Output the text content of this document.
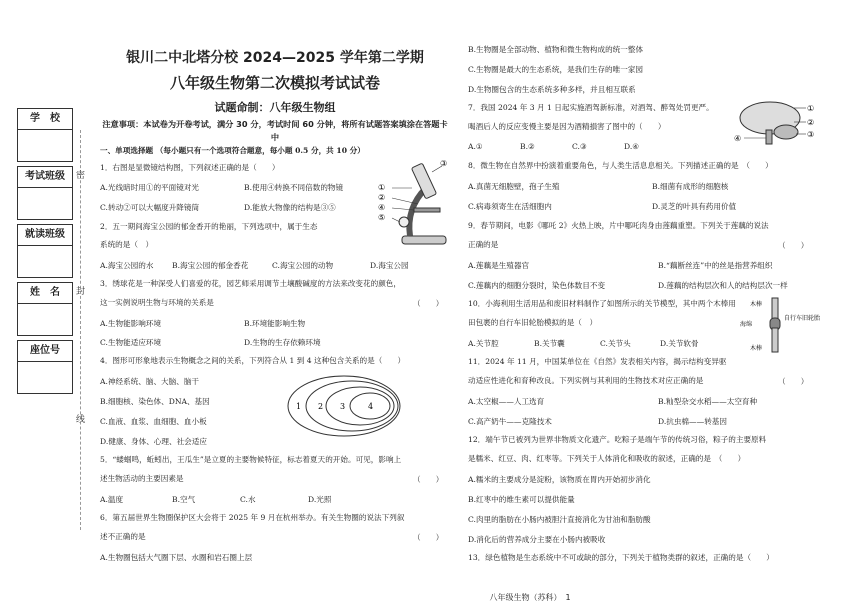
学　校
考试班级
就读班级
姓　名
座位号
密
封
线
银川二中北塔分校 2024—2025 学年第二学期
八年级生物第二次模拟考试试卷
试题命制：八年级生物组
注意事项：本试卷为开卷考试，满分 30 分，考试时间 60 分钟，将所有试题答案填涂在答题卡中
一、单项选择题 （每小题只有一个选项符合题意，每小题 0.5 分，共 10 分）
1．右图是显微镜结构图，下列叙述正确的是（　　）
A.光线暗时用①的平面镜对光	B.使用④转换不同倍数的物镜
C.转动②可以大幅度升降镜筒	D.能放大物像的结构是③⑤
③
①
②
④
⑤
2．五一期间海宝公园的郁金香开的艳丽，下列选项中，属于生态
系统的是（　）
A.海宝公园的水 B.海宝公园的郁金香花	C.海宝公园的动物	D.海宝公园
3．绣球花是一种深受人们喜爱的花，园艺师采用调节土壤酸碱度的方法来改变花的颜色，
这一实例说明生物与环境的关系是	（　　）
A.生物能影响环境	B.环境能影响生物
C.生物能适应环境	D.生物的生存依赖环境
4．图形可形象地表示生物概念之间的关系，下列符合从 1 到 4 这种包含关系的是（　　）
A.神经系统、脑、大脑、脑干
B.细胞核、染色体、DNA、基因
C.血液、血浆、血细胞、血小板
D.健康、身体、心理、社会适应
1 2 3	4
5．“蝼蝈鸣，蚯蚓出，王瓜生”是立夏的主要物候特征，标志着夏天的开始。可见，影响上
述生物活动的主要因素是	（　　）
A.温度	B.空气	C.水	D.光照
6．第五届世界生物圈保护区大会将于 2025 年 9 月在杭州举办。有关生物圈的说法下列叙
述不正确的是	（　　）
A.生物圈包括大气圈下层、水圈和岩石圈上层
B.生物圈是全部动物、植物和微生物构成的统一整体
C.生物圈是最大的生态系统，是我们生存的唯一家园
D.生物圈包含的生态系统多种多样，并且相互联系
7．我国 2024 年 3 月 1 日起实施酒驾新标准，对酒驾、醉驾处罚更严。
喝酒后人的反应变慢主要是因为酒精損害了图中的（　　）
A.①	B.②	C.③	D.④
①
②
③
④
8．微生物在自然界中扮演着重要角色，与人类生活息息相关。下列描述正确的是　（　　）
A.真菌无细胞壁，孢子生殖	B.细菌有成形的细胞核
C.病毒须寄生在活细胞内	D.灵芝的叶具有药用价值
9．春节期间，电影《哪吒 2》火热上映，片中哪吒肉身由莲藕重塑。下列关于莲藕的说法
正确的是	（　　）
A.莲藕是生殖器官	B.“藕断丝连”中的丝是指营养组织
C.莲藕内的细胞分裂时，染色体数目不变	D.莲藕的结构层次和人的结构层次一样
10．小海利用生活用品和废旧材料制作了如图所示的关节模型，其中两个木棒用
田包裹的自行车旧轮胎模拟的是（　）
A.关节腔	B.关节囊	C.关节头	D.关节软骨
木棒
海绵
自行车旧轮胎
木棒
11．2024 年 11 月，中国某单位在《自然》发表相关内容，揭示结构变异驱
动适应性进化和育种改良。下列实例与其利用的生物技术对应正确的是	（　　）
A.太空椒——人工选育	B.籼型杂交水稻——太空育种
C.高产奶牛——克隆技术	D.抗虫棉——转基因
12．端午节已被列为世界非物质文化遗产。吃粽子是端午节的传统习俗，粽子的主要原料
是糯米、红豆、肉、红枣等。下列关于人体消化和吸收的叙述，正确的是　（　　）
A.糯米的主要成分是淀粉，该物质在胃内开始初步消化
B.红枣中的维生素可以提供能量
C.肉里的脂肪在小肠内被胆汁直接消化为甘油和脂肪酸
D.消化后的营养成分主要在小肠内被吸收
13．绿色植物是生态系统中不可或缺的部分，下列关于植物类群的叙述，正确的是（　　）
八年级生物（苏科）　1
